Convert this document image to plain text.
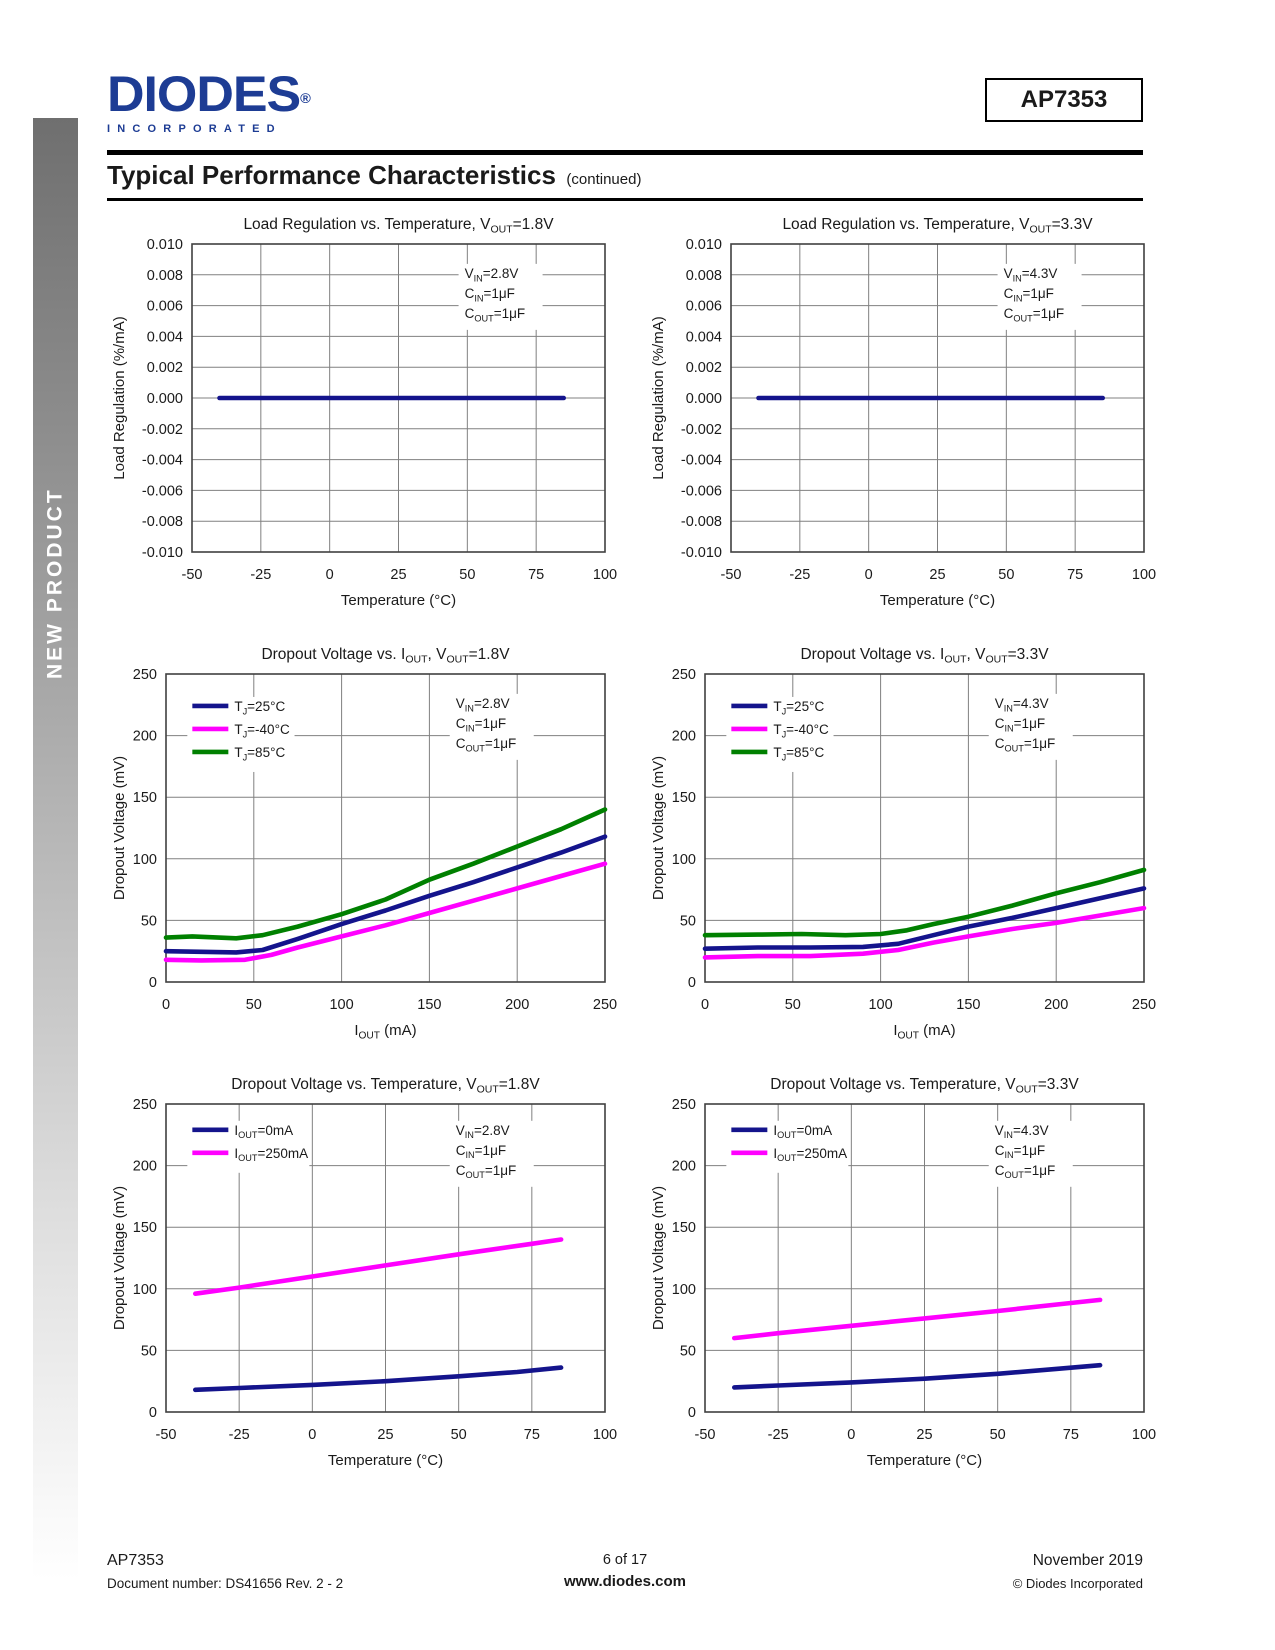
NEW PRODUCT
DIODES®
INCORPORATED
AP7353
Typical Performance Characteristics (continued)
-50	-25	0	25	50	75	100
0.010
0.008
0.006
0.004
0.002
0.000
-0.002
-0.004
-0.006
-0.008
-0.010
Load Regulation vs. Temperature, $V_{OUT}=1.8V$
Temperature (°C)
Load Regulation (%/mA)
$V_{IN}=2.8V$
$C_{IN}=1\mu F$
$C_{OUT}=1\mu F$
-50	-25	0	25	50	75	100
0.010
0.008
0.006
0.004
0.002
0.000
-0.002
-0.004
-0.006
-0.008
-0.010
Load Regulation vs. Temperature, $V_{OUT}=3.3V$
Temperature (°C)
Load Regulation (%/mA)
$V_{IN}=4.3V$
$C_{IN}=1\mu F$
$C_{OUT}=1\mu F$
0	50	100	150	200	250
250
200
150
100
50
0
Dropout Voltage vs. $I_{OUT}$, $V_{OUT}=1.8V$
$I_{OUT}$ (mA)
Dropout Voltage (mV)
$T_J=25^\circ C$
$T_J=-40^\circ C$
$T_J=85^\circ C$
$V_{IN}=2.8V$
$C_{IN}=1\mu F$
$C_{OUT}=1\mu F$
0	50	100	150	200	250
250
200
150
100
50
0
Dropout Voltage vs. $I_{OUT}$, $V_{OUT}=3.3V$
$I_{OUT}$ (mA)
Dropout Voltage (mV)
$T_J=25^\circ C$
$T_J=-40^\circ C$
$T_J=85^\circ C$
$V_{IN}=4.3V$
$C_{IN}=1\mu F$
$C_{OUT}=1\mu F$
-50	-25	0	25	50	75	100
250
200
150
100
50
0
Dropout Voltage vs. Temperature, $V_{OUT}=1.8V$
Temperature (°C)
Dropout Voltage (mV)
$I_{OUT}=0mA$
$I_{OUT}=250mA$
$V_{IN}=2.8V$
$C_{IN}=1\mu F$
$C_{OUT}=1\mu F$
-50	-25	0	25	50	75	100
250
200
150
100
50
0
Dropout Voltage vs. Temperature, $V_{OUT}=3.3V$
Temperature (°C)
Dropout Voltage (mV)
$I_{OUT}=0mA$
$I_{OUT}=250mA$
$V_{IN}=4.3V$
$C_{IN}=1\mu F$
$C_{OUT}=1\mu F$
AP7353
Document number: DS41656 Rev. 2 - 2
6 of 17
www.diodes.com
November 2019
© Diodes Incorporated
